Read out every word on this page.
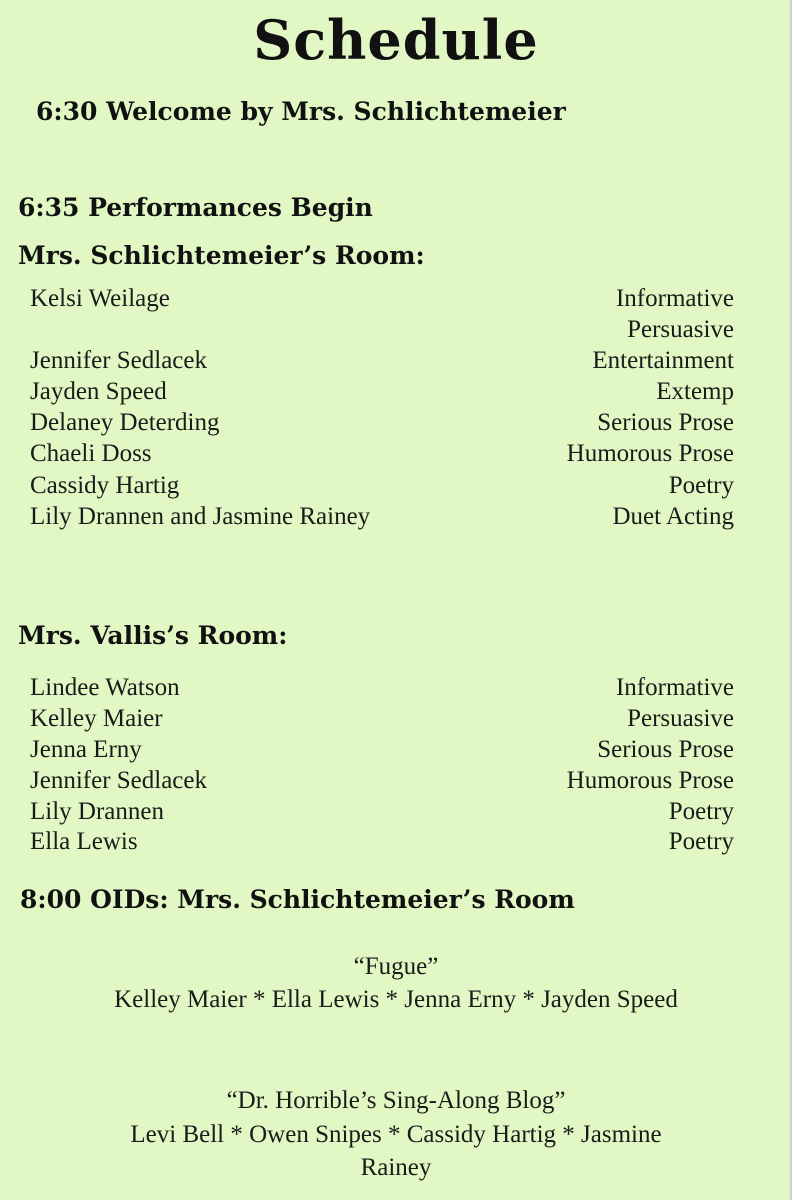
Schedule
6:30 Welcome by Mrs. Schlichtemeier
6:35 Performances Begin
Mrs. Schlichtemeier’s Room:
Kelsi Weilage	Informative
Persuasive
Jennifer Sedlacek	Entertainment
Jayden Speed	Extemp
Delaney Deterding	Serious Prose
Chaeli Doss	Humorous Prose
Cassidy Hartig	Poetry
Lily Drannen and Jasmine Rainey	Duet Acting
Mrs. Vallis’s Room:
Lindee Watson	Informative
Kelley Maier	Persuasive
Jenna Erny	Serious Prose
Jennifer Sedlacek	Humorous Prose
Lily Drannen	Poetry
Ella Lewis	Poetry
8:00 OIDs: Mrs. Schlichtemeier’s Room
“Fugue”
Kelley Maier * Ella Lewis * Jenna Erny * Jayden Speed
“Dr. Horrible’s Sing-Along Blog”
Levi Bell * Owen Snipes * Cassidy Hartig * Jasmine
Rainey
